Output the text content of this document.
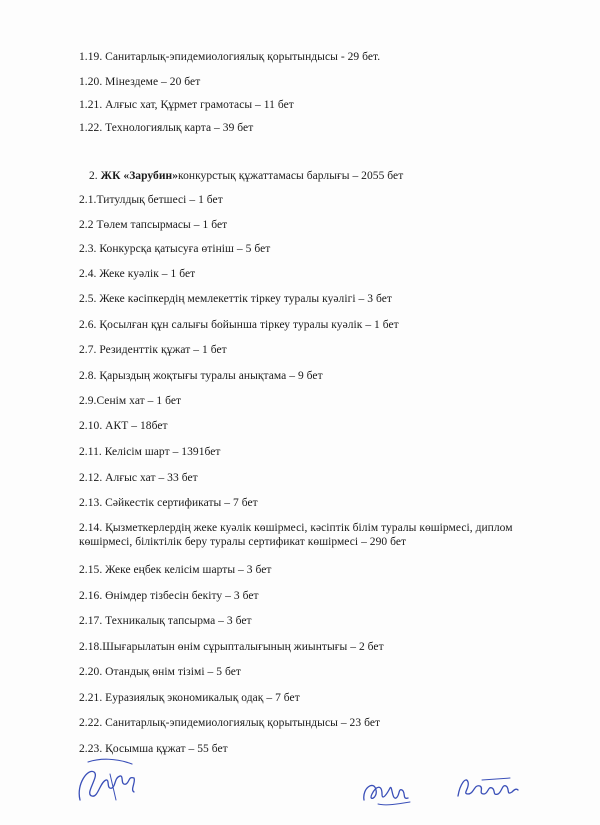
1.19. Санитарлық-эпидемиологиялық қорытындысы - 29 бет.
1.20. Мінездеме – 20 бет
1.21. Алғыс хат, Құрмет грамотасы – 11 бет
1.22. Технологиялық карта – 39 бет
2. ЖК «Зарубин»конкурстық құжаттамасы барлығы – 2055 бет
2.1.Титулдық бетшесі – 1 бет
2.2 Төлем тапсырмасы – 1 бет
2.3. Конкурсқа қатысуға өтініш – 5 бет
2.4. Жеке куәлік – 1 бет
2.5. Жеке кәсіпкердің мемлекеттік тіркеу туралы куәлігі – 3 бет
2.6. Қосылған құн салығы бойынша тіркеу туралы куәлік – 1 бет
2.7. Резиденттік құжат – 1 бет
2.8. Қарыздың жоқтығы туралы анықтама – 9 бет
2.9.Сенім хат – 1 бет
2.10. АКТ – 18бет
2.11. Келісім шарт – 1391бет
2.12. Алғыс хат – 33 бет
2.13. Сәйкестік сертификаты – 7 бет
2.14. Қызметкерлердің жеке куәлік көшірмесі, кәсіптік білім туралы көшірмесі, диплом көшірмесі, біліктілік беру туралы сертификат көшірмесі – 290 бет
2.15. Жеке еңбек келісім шарты – 3 бет
2.16. Өнімдер тізбесін бекіту – 3 бет
2.17. Техникалық тапсырма – 3 бет
2.18.Шығарылатын өнім сұрыпталығының жиынтығы – 2 бет
2.20. Отандық өнім тізімі – 5 бет
2.21. Еуразиялық экономикалық одақ – 7 бет
2.22. Санитарлық-эпидемиологиялық қорытындысы – 23 бет
2.23. Қосымша құжат – 55 бет
